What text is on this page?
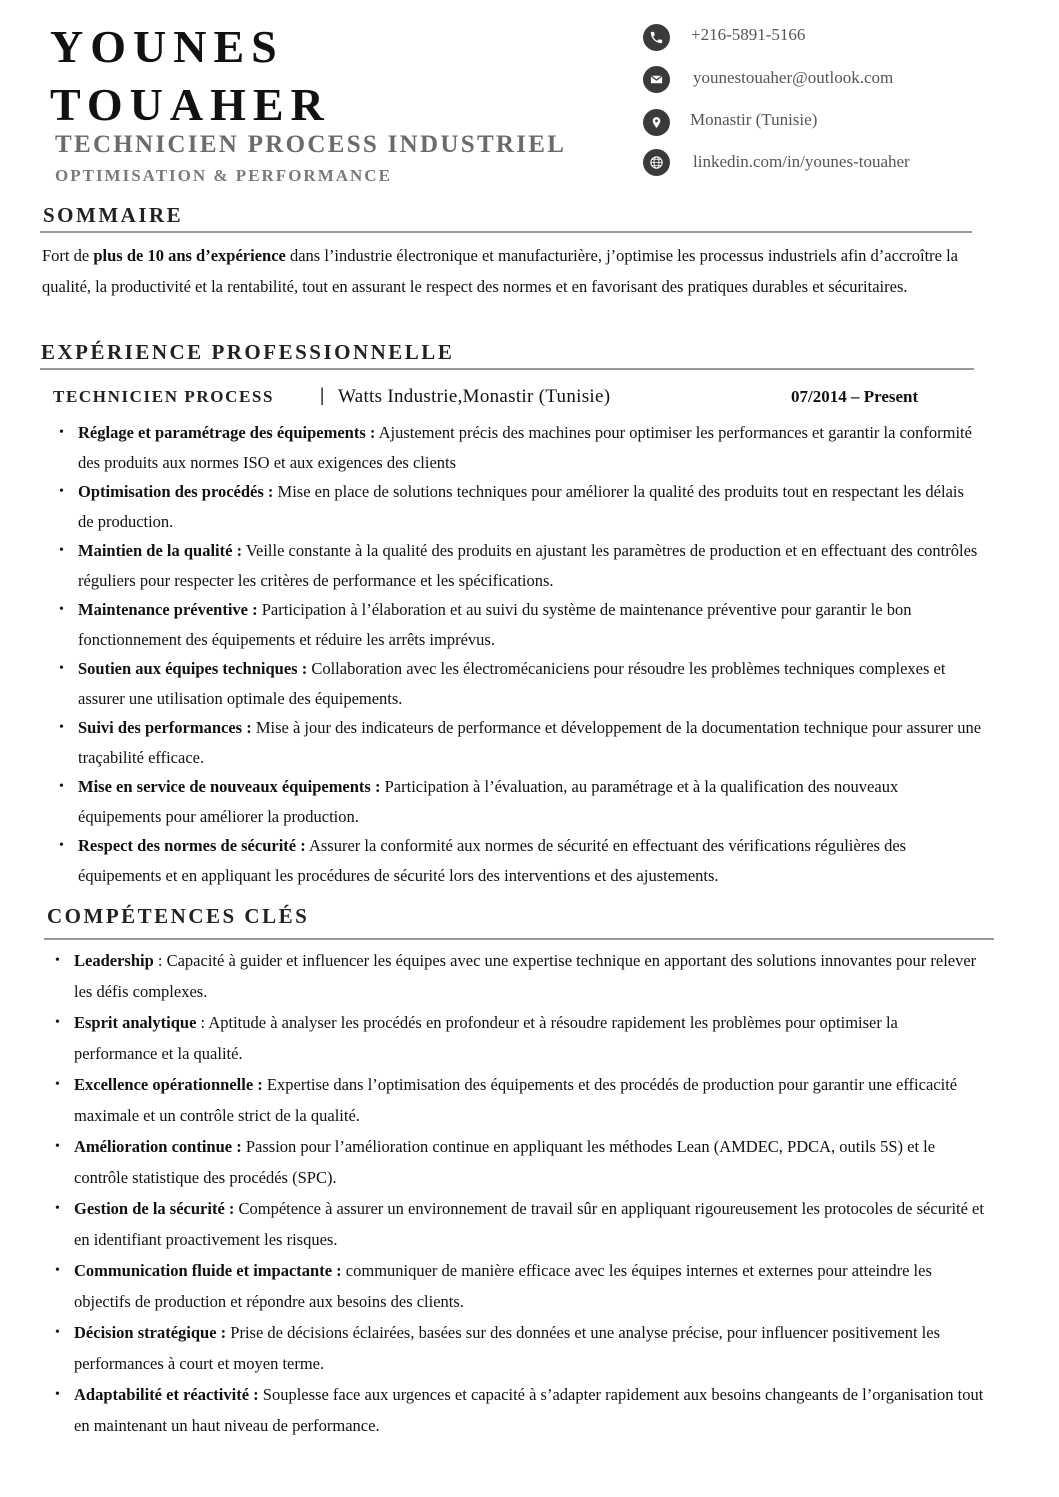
YOUNES
TOUAHER
TECHNICIEN PROCESS INDUSTRIEL
OPTIMISATION & PERFORMANCE
+216-5891-5166
younestouaher@outlook.com
Monastir (Tunisie)
linkedin.com/in/younes-touaher
SOMMAIRE

Fort de plus de 10 ans d’expérience dans l’industrie électronique et manufacturière, j’optimise les processus industriels afin d’accroître la qualité, la productivité et la rentabilité, tout en assurant le respect des normes et en favorisant des pratiques durables et sécuritaires.

EXPÉRIENCE PROFESSIONNELLE
TECHNICIEN PROCESS | Watts Industrie,Monastir (Tunisie)	07/2014 – Present
• Réglage et paramétrage des équipements : Ajustement précis des machines pour optimiser les performances et garantir la conformité des produits aux normes ISO et aux exigences des clients
• Optimisation des procédés : Mise en place de solutions techniques pour améliorer la qualité des produits tout en respectant les délais de production.
• Maintien de la qualité : Veille constante à la qualité des produits en ajustant les paramètres de production et en effectuant des contrôles réguliers pour respecter les critères de performance et les spécifications.
• Maintenance préventive : Participation à l’élaboration et au suivi du système de maintenance préventive pour garantir le bon fonctionnement des équipements et réduire les arrêts imprévus.
• Soutien aux équipes techniques : Collaboration avec les électromécaniciens pour résoudre les problèmes techniques complexes et assurer une utilisation optimale des équipements.
• Suivi des performances : Mise à jour des indicateurs de performance et développement de la documentation technique pour assurer une traçabilité efficace.
• Mise en service de nouveaux équipements : Participation à l’évaluation, au paramétrage et à la qualification des nouveaux équipements pour améliorer la production.
• Respect des normes de sécurité : Assurer la conformité aux normes de sécurité en effectuant des vérifications régulières des équipements et en appliquant les procédures de sécurité lors des interventions et des ajustements.
COMPÉTENCES CLÉS
• Leadership : Capacité à guider et influencer les équipes avec une expertise technique en apportant des solutions innovantes pour relever les défis complexes.
• Esprit analytique : Aptitude à analyser les procédés en profondeur et à résoudre rapidement les problèmes pour optimiser la performance et la qualité.
• Excellence opérationnelle : Expertise dans l’optimisation des équipements et des procédés de production pour garantir une efficacité maximale et un contrôle strict de la qualité.
• Amélioration continue : Passion pour l’amélioration continue en appliquant les méthodes Lean (AMDEC, PDCA, outils 5S) et le contrôle statistique des procédés (SPC).
• Gestion de la sécurité : Compétence à assurer un environnement de travail sûr en appliquant rigoureusement les protocoles de sécurité et en identifiant proactivement les risques.
• Communication fluide et impactante : communiquer de manière efficace avec les équipes internes et externes pour atteindre les objectifs de production et répondre aux besoins des clients.
• Décision stratégique : Prise de décisions éclairées, basées sur des données et une analyse précise, pour influencer positivement les performances à court et moyen terme.
• Adaptabilité et réactivité : Souplesse face aux urgences et capacité à s’adapter rapidement aux besoins changeants de l’organisation tout en maintenant un haut niveau de performance.
